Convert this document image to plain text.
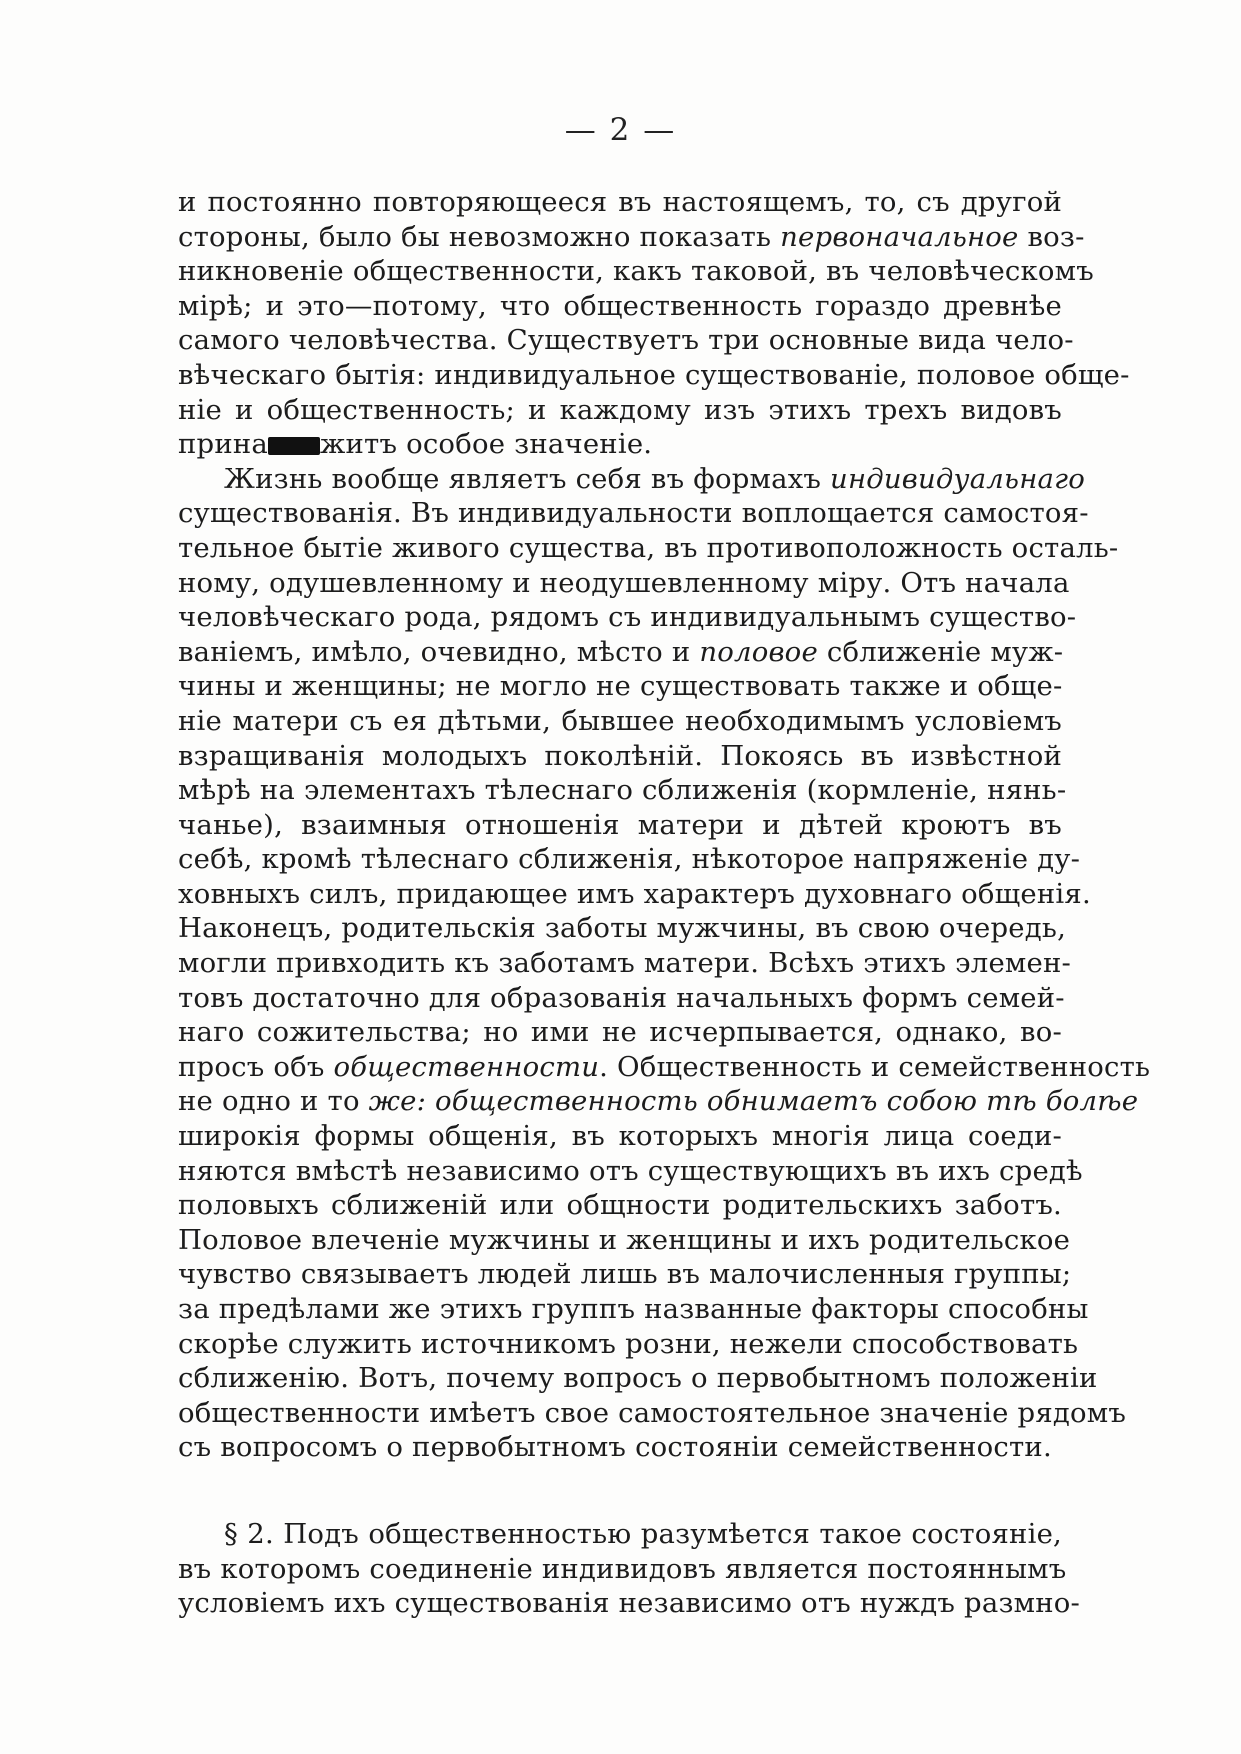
— 2 —
и постоянно повторяющееся въ настоящемъ, то, съ другой
стороны, было бы невозможно показать первоначальное воз-
никновеніе общественности, какъ таковой, въ человѣческомъ
мірѣ; и это—потому, что общественность гораздо древнѣе
самого человѣчества. Существуетъ три основные вида чело-
вѣческаго бытія: индивидуальное существованіе, половое обще-
ніе и общественность; и каждому изъ этихъ трехъ видовъ
прина житъ особое значеніе.
Жизнь вообще являетъ себя въ формахъ индивидуальнаго
существованія. Въ индивидуальности воплощается самостоя-
тельное бытіе живого существа, въ противоположность осталь-
ному, одушевленному и неодушевленному міру. Отъ начала
человѣческаго рода, рядомъ съ индивидуальнымъ существо-
ваніемъ, имѣло, очевидно, мѣсто и половое сближеніе муж-
чины и женщины; не могло не существовать также и обще-
ніе матери съ ея дѣтьми, бывшее необходимымъ условіемъ
взращиванія молодыхъ поколѣній. Покоясь въ извѣстной
мѣрѣ на элементахъ тѣлеснаго сближенія (кормленіе, нянь-
чанье), взаимныя отношенія матери и дѣтей кроютъ въ
себѣ, кромѣ тѣлеснаго сближенія, нѣкоторое напряженіе ду-
ховныхъ силъ, придающее имъ характеръ духовнаго общенія.
Наконецъ, родительскія заботы мужчины, въ свою очередь,
могли привходить къ заботамъ матери. Всѣхъ этихъ элемен-
товъ достаточно для образованія начальныхъ формъ семей-
наго сожительства; но ими не исчерпывается, однако, во-
просъ объ общественности. Общественность и семейственность
не одно и то же: общественность обнимаетъ собою тѣ болѣе
широкія формы общенія, въ которыхъ многія лица соеди-
няются вмѣстѣ независимо отъ существующихъ въ ихъ средѣ
половыхъ сближеній или общности родительскихъ заботъ.
Половое влеченіе мужчины и женщины и ихъ родительское
чувство связываетъ людей лишь въ малочисленныя группы;
за предѣлами же этихъ группъ названные факторы способны
скорѣе служить источникомъ розни, нежели способствовать
сближенію. Вотъ, почему вопросъ о первобытномъ положеніи
общественности имѣетъ свое самостоятельное значеніе рядомъ
съ вопросомъ о первобытномъ состояніи семейственности.
§ 2. Подъ общественностью разумѣется такое состояніе,
въ которомъ соединеніе индивидовъ является постояннымъ
условіемъ ихъ существованія независимо отъ нуждъ размно-
